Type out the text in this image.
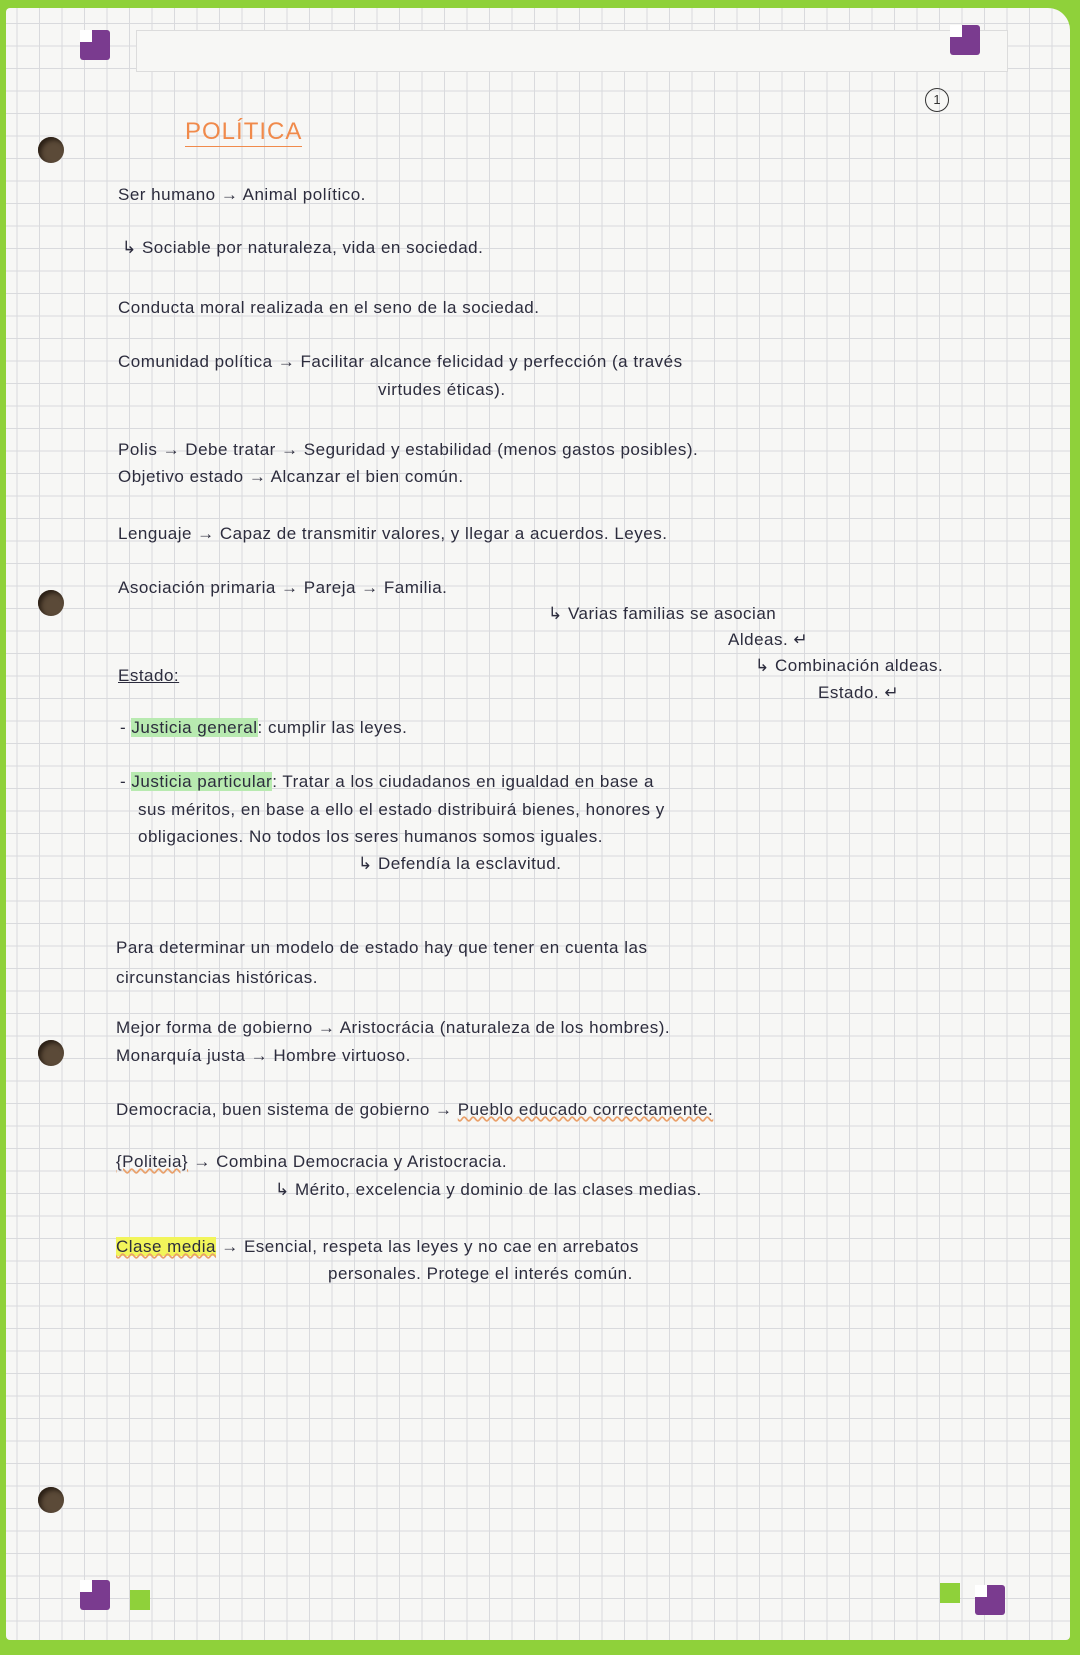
1
POLÍTICA
Ser humano → Animal político.
↳ Sociable por naturaleza, vida en sociedad.
Conducta moral realizada en el seno de la sociedad.
Comunidad política → Facilitar alcance felicidad y perfección (a través
virtudes éticas).
Polis → Debe tratar → Seguridad y estabilidad (menos gastos posibles).
Objetivo estado → Alcanzar el bien común.
Lenguaje → Capaz de transmitir valores, y llegar a acuerdos. Leyes.
Asociación primaria → Pareja → Familia.
↳ Varias familias se asocian
Aldeas. ↵
Estado:
↳ Combinación aldeas.
Estado. ↵
- Justicia general: cumplir las leyes.
- Justicia particular: Tratar a los ciudadanos en igualdad en base a
sus méritos, en base a ello el estado distribuirá bienes, honores y
obligaciones. No todos los seres humanos somos iguales.
↳ Defendía la esclavitud.
Para determinar un modelo de estado hay que tener en cuenta las
circunstancias históricas.
Mejor forma de gobierno → Aristocrácia (naturaleza de los hombres).
Monarquía justa → Hombre virtuoso.
Democracia, buen sistema de gobierno → Pueblo educado correctamente.
{Politeia} → Combina Democracia y Aristocracia.
↳ Mérito, excelencia y dominio de las clases medias.
Clase media → Esencial, respeta las leyes y no cae en arrebatos
personales. Protege el interés común.
